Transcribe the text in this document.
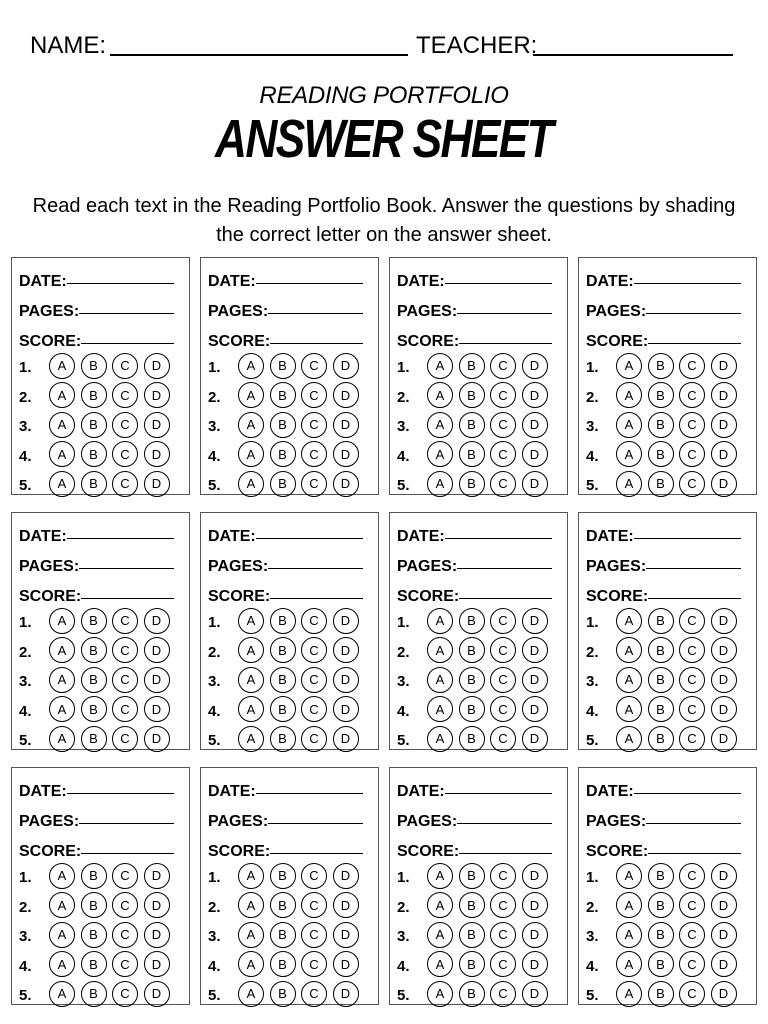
NAME:	TEACHER:
READING PORTFOLIO
ANSWER SHEET
Read each text in the Reading Portfolio Book. Answer the questions by shading the correct letter on the answer sheet.
DATE:
PAGES:
SCORE:
1.	A	B	C	D
2.	A	B	C	D
3.	A	B	C	D
4.	A	B	C	D
5.	A	B	C	D
DATE:
PAGES:
SCORE:
1.	A	B	C	D
2.	A	B	C	D
3.	A	B	C	D
4.	A	B	C	D
5.	A	B	C	D
DATE:
PAGES:
SCORE:
1.	A	B	C	D
2.	A	B	C	D
3.	A	B	C	D
4.	A	B	C	D
5.	A	B	C	D
DATE:
PAGES:
SCORE:
1.	A	B	C	D
2.	A	B	C	D
3.	A	B	C	D
4.	A	B	C	D
5.	A	B	C	D
DATE:
PAGES:
SCORE:
1.	A	B	C	D
2.	A	B	C	D
3.	A	B	C	D
4.	A	B	C	D
5.	A	B	C	D
DATE:
PAGES:
SCORE:
1.	A	B	C	D
2.	A	B	C	D
3.	A	B	C	D
4.	A	B	C	D
5.	A	B	C	D
DATE:
PAGES:
SCORE:
1.	A	B	C	D
2.	A	B	C	D
3.	A	B	C	D
4.	A	B	C	D
5.	A	B	C	D
DATE:
PAGES:
SCORE:
1.	A	B	C	D
2.	A	B	C	D
3.	A	B	C	D
4.	A	B	C	D
5.	A	B	C	D
DATE:
PAGES:
SCORE:
1.	A	B	C	D
2.	A	B	C	D
3.	A	B	C	D
4.	A	B	C	D
5.	A	B	C	D
DATE:
PAGES:
SCORE:
1.	A	B	C	D
2.	A	B	C	D
3.	A	B	C	D
4.	A	B	C	D
5.	A	B	C	D
DATE:
PAGES:
SCORE:
1.	A	B	C	D
2.	A	B	C	D
3.	A	B	C	D
4.	A	B	C	D
5.	A	B	C	D
DATE:
PAGES:
SCORE:
1.	A	B	C	D
2.	A	B	C	D
3.	A	B	C	D
4.	A	B	C	D
5.	A	B	C	D
